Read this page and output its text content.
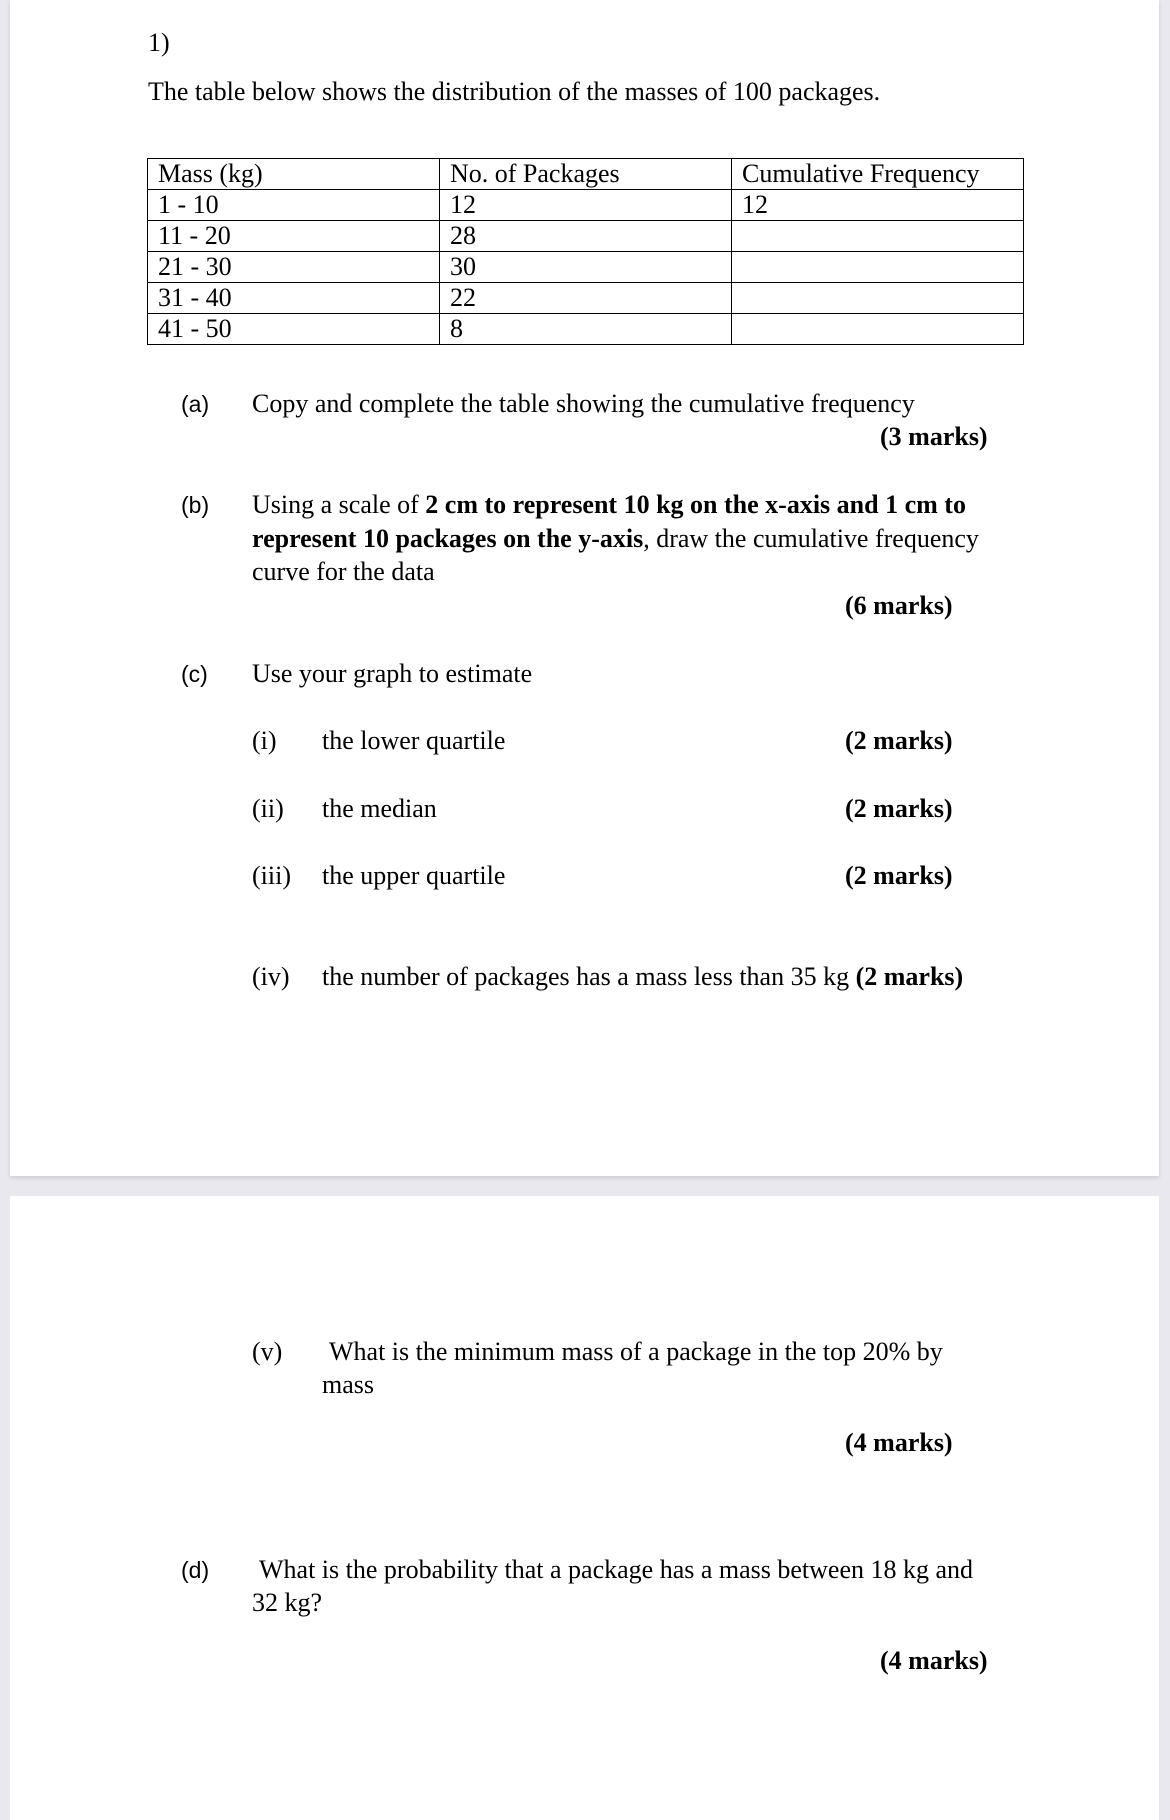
1)
The table below shows the distribution of the masses of 100 packages.
Mass (kg)	No. of Packages	Cumulative Frequency
1 - 10	12	12
11 - 20	28	
21 - 30	30	
31 - 40	22	
41 - 50	8	
(a) Copy and complete the table showing the cumulative frequency
(3 marks)
(b) Using a scale of 2 cm to represent 10 kg on the x-axis and 1 cm to
represent 10 packages on the y-axis, draw the cumulative frequency
curve for the data
(6 marks)
(c) Use your graph to estimate
(i) the lower quartile	(2 marks)
(ii) the median	(2 marks)
(iii) the upper quartile	(2 marks)
(iv) the number of packages has a mass less than 35 kg (2 marks)
(v) What is the minimum mass of a package in the top 20% by
mass
(4 marks)
(d) What is the probability that a package has a mass between 18 kg and
32 kg?
(4 marks)
